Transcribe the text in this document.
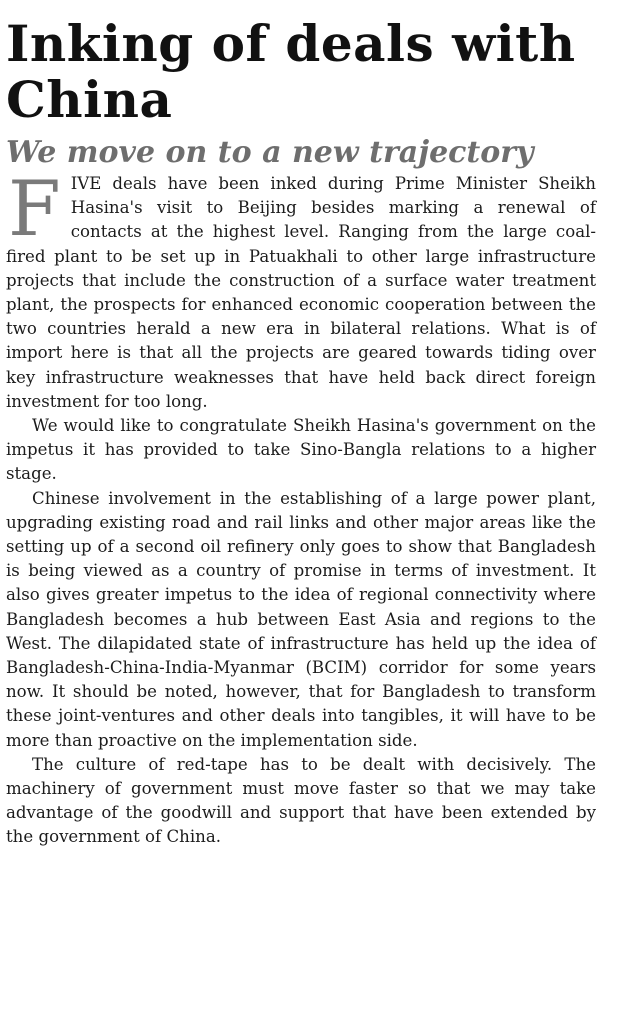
Inking of deals with China
We move on to a new trajectory

FIVE deals have been inked during Prime Minister Sheikh Hasina's visit to Beijing besides marking a renewal of contacts at the highest level. Ranging from the large coal-fired plant to be set up in Patuakhali to other large infrastructure projects that include the construction of a surface water treatment plant, the prospects for enhanced economic cooperation between the two countries herald a new era in bilateral relations. What is of import here is that all the projects are geared towards tiding over key infrastructure weaknesses that have held back direct foreign investment for too long.

We would like to congratulate Sheikh Hasina's government on the impetus it has provided to take Sino-Bangla relations to a higher stage.

Chinese involvement in the establishing of a large power plant, upgrading existing road and rail links and other major areas like the setting up of a second oil refinery only goes to show that Bangladesh is being viewed as a country of promise in terms of investment. It also gives greater impetus to the idea of regional connectivity where Bangladesh becomes a hub between East Asia and regions to the West. The dilapidated state of infrastructure has held up the idea of Bangladesh-China-India-Myanmar (BCIM) corridor for some years now. It should be noted, however, that for Bangladesh to transform these joint-ventures and other deals into tangibles, it will have to be more than proactive on the implementation side.

The culture of red-tape has to be dealt with decisively. The machinery of government must move faster so that we may take advantage of the goodwill and support that have been extended by the government of China.
